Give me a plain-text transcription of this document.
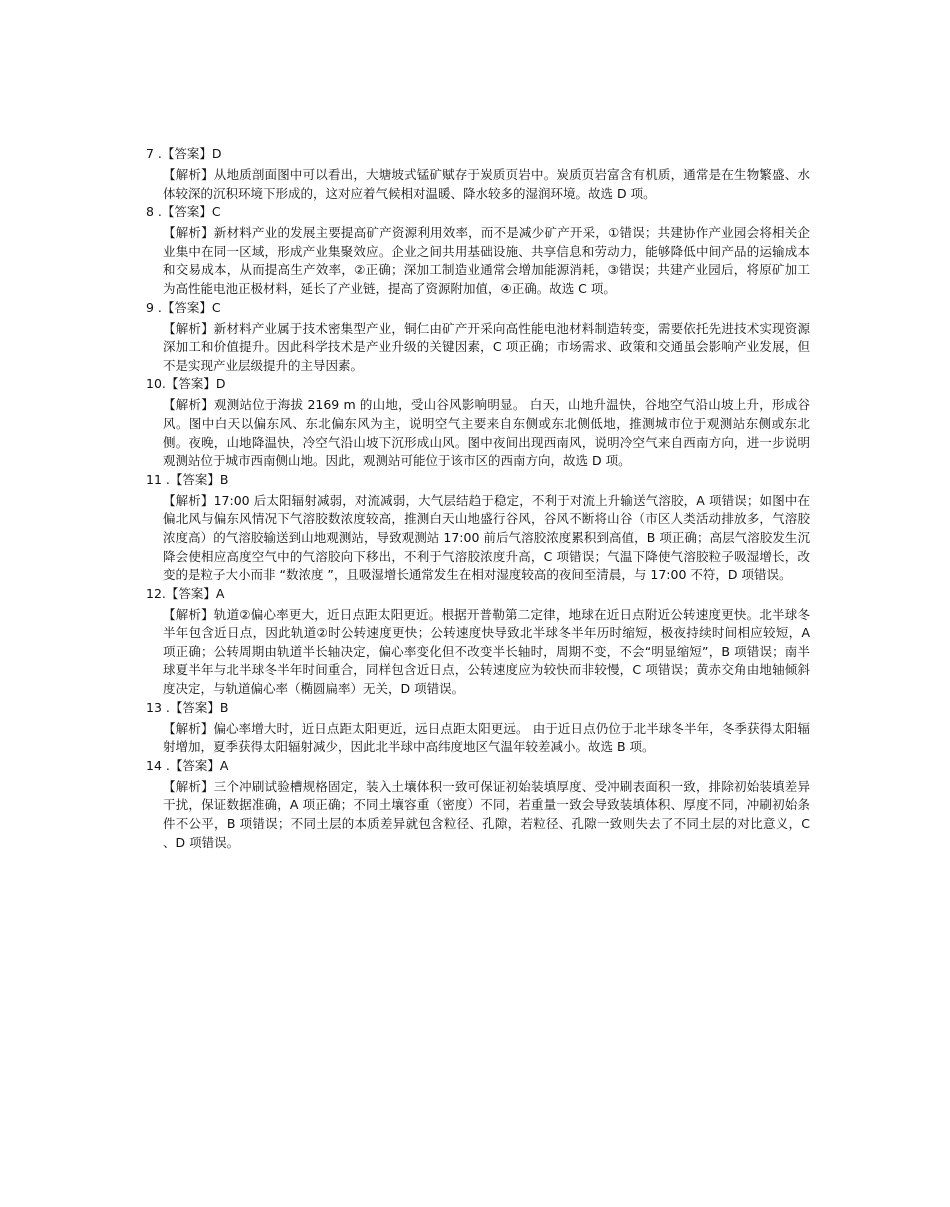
7 .【答案】D
【解析】从地质剖面图中可以看出，大塘坡式锰矿赋存于炭质页岩中。炭质页岩富含有机质，通常是在生物繁盛、水体较深的沉积环境下形成的，这对应着气候相对温暖、降水较多的湿润环境。故选 D 项。
8 .【答案】C
【解析】新材料产业的发展主要提高矿产资源利用效率，而不是减少矿产开采，①错误；共建协作产业园会将相关企业集中在同一区域，形成产业集聚效应。企业之间共用基础设施、共享信息和劳动力，能够降低中间产品的运输成本和交易成本，从而提高生产效率，②正确；深加工制造业通常会增加能源消耗，③错误；共建产业园后，将原矿加工为高性能电池正极材料，延长了产业链，提高了资源附加值，④正确。故选 C 项。
9 .【答案】C
【解析】新材料产业属于技术密集型产业，铜仁由矿产开采向高性能电池材料制造转变，需要依托先进技术实现资源深加工和价值提升。因此科学技术是产业升级的关键因素，C 项正确；市场需求、政策和交通虽会影响产业发展，但不是实现产业层级提升的主导因素。
10.【答案】D
【解析】观测站位于海拔 2169 m 的山地，受山谷风影响明显。 白天，山地升温快，谷地空气沿山坡上升，形成谷风。图中白天以偏东风、东北偏东风为主，说明空气主要来自东侧或东北侧低地，推测城市位于观测站东侧或东北侧。夜晚，山地降温快，冷空气沿山坡下沉形成山风。图中夜间出现西南风，说明冷空气来自西南方向，进一步说明观测站位于城市西南侧山地。因此，观测站可能位于该市区的西南方向，故选 D 项。
11 .【答案】B
【解析】17:00 后太阳辐射减弱，对流减弱，大气层结趋于稳定，不利于对流上升输送气溶胶，A 项错误；如图中在偏北风与偏东风情况下气溶胶数浓度较高，推测白天山地盛行谷风，谷风不断将山谷（市区人类活动排放多，气溶胶浓度高）的气溶胶输送到山地观测站，导致观测站 17:00 前后气溶胶浓度累积到高值，B 项正确；高层气溶胶发生沉降会使相应高度空气中的气溶胶向下移出，不利于气溶胶浓度升高，C 项错误；气温下降使气溶胶粒子吸湿增长，改变的是粒子大小而非 “数浓度 ”，且吸湿增长通常发生在相对湿度较高的夜间至清晨，与 17:00 不符，D 项错误。
12.【答案】A
【解析】轨道②偏心率更大，近日点距太阳更近。根据开普勒第二定律，地球在近日点附近公转速度更快。北半球冬半年包含近日点，因此轨道②时公转速度更快；公转速度快导致北半球冬半年历时缩短，极夜持续时间相应较短，A 项正确；公转周期由轨道半长轴决定，偏心率变化但不改变半长轴时，周期不变，不会“明显缩短”，B 项错误；南半球夏半年与北半球冬半年时间重合，同样包含近日点，公转速度应为较快而非较慢，C 项错误；黄赤交角由地轴倾斜度决定，与轨道偏心率（椭圆扁率）无关，D 项错误。
13 .【答案】B
【解析】偏心率增大时，近日点距太阳更近，远日点距太阳更远。 由于近日点仍位于北半球冬半年，冬季获得太阳辐射增加，夏季获得太阳辐射减少，因此北半球中高纬度地区气温年较差减小。故选 B 项。
14 .【答案】A
【解析】三个冲刷试验槽规格固定，装入土壤体积一致可保证初始装填厚度、受冲刷表面积一致，排除初始装填差异干扰，保证数据准确，A 项正确；不同土壤容重（密度）不同，若重量一致会导致装填体积、厚度不同，冲刷初始条件不公平，B 项错误；不同土层的本质差异就包含粒径、孔隙，若粒径、孔隙一致则失去了不同土层的对比意义，C 、D 项错误。
